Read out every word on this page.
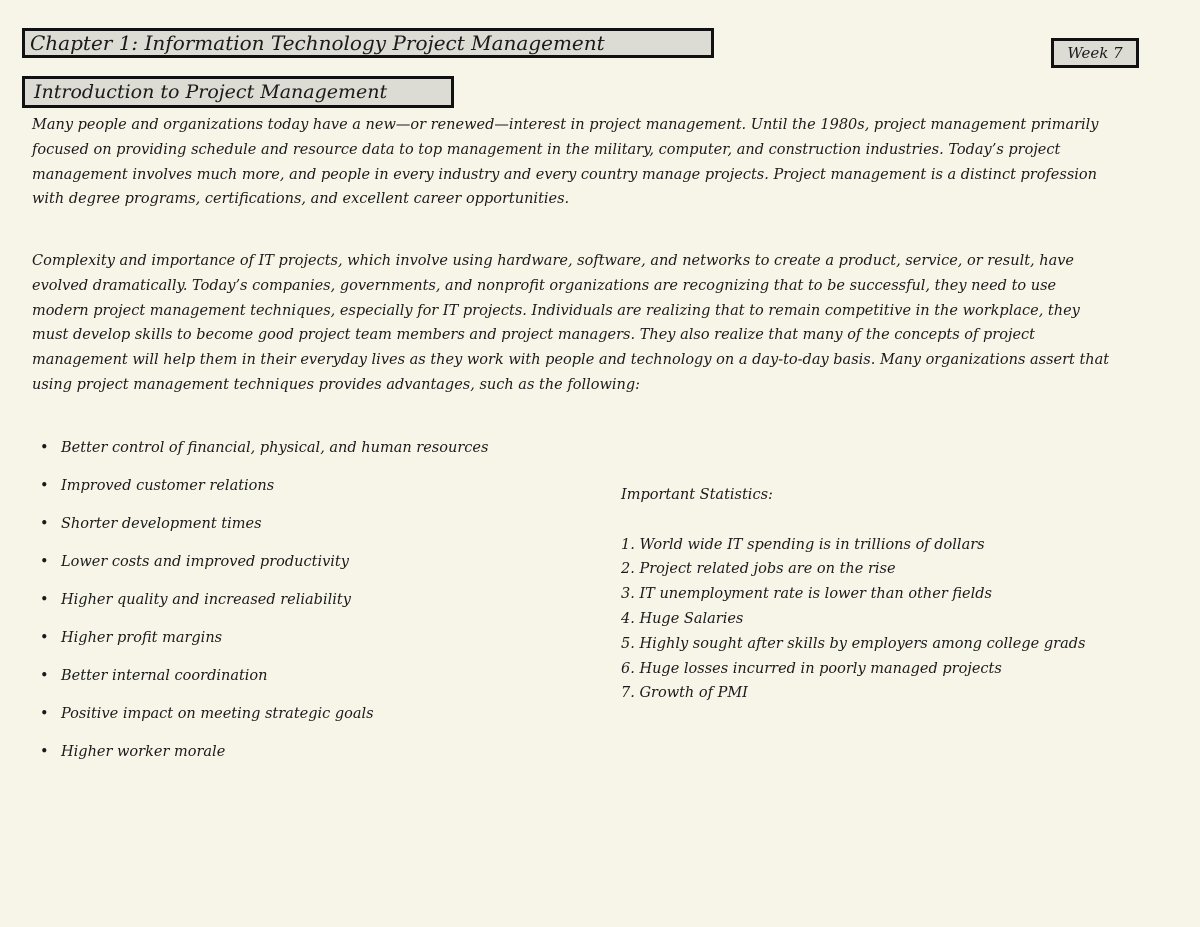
Chapter 1: Information Technology Project Management	Week 7
Introduction to Project Management

Many people and organizations today have a new—or renewed—interest in project management. Until the 1980s, project management primarily focused on providing schedule and resource data to top management in the military, computer, and construction industries. Today’s project management involves much more, and people in every industry and every country manage projects. Project management is a distinct profession with degree programs, certifications, and excellent career opportunities.

Complexity and importance of IT projects, which involve using hardware, software, and networks to create a product, service, or result, have evolved dramatically. Today’s companies, governments, and nonprofit organizations are recognizing that to be successful, they need to use modern project management techniques, especially for IT projects. Individuals are realizing that to remain competitive in the workplace, they must develop skills to become good project team members and project managers. They also realize that many of the concepts of project management will help them in their everyday lives as they work with people and technology on a day-to-day basis. Many organizations assert that using project management techniques provides advantages, such as the following:

• Better control of financial, physical, and human resources
• Improved customer relations
• Shorter development times
• Lower costs and improved productivity
• Higher quality and increased reliability
• Higher profit margins
• Better internal coordination
• Positive impact on meeting strategic goals
• Higher worker morale
Important Statistics:
1. World wide IT spending is in trillions of dollars
2. Project related jobs are on the rise
3. IT unemployment rate is lower than other fields
4. Huge Salaries
5. Highly sought after skills by employers among college grads
6. Huge losses incurred in poorly managed projects
7. Growth of PMI
